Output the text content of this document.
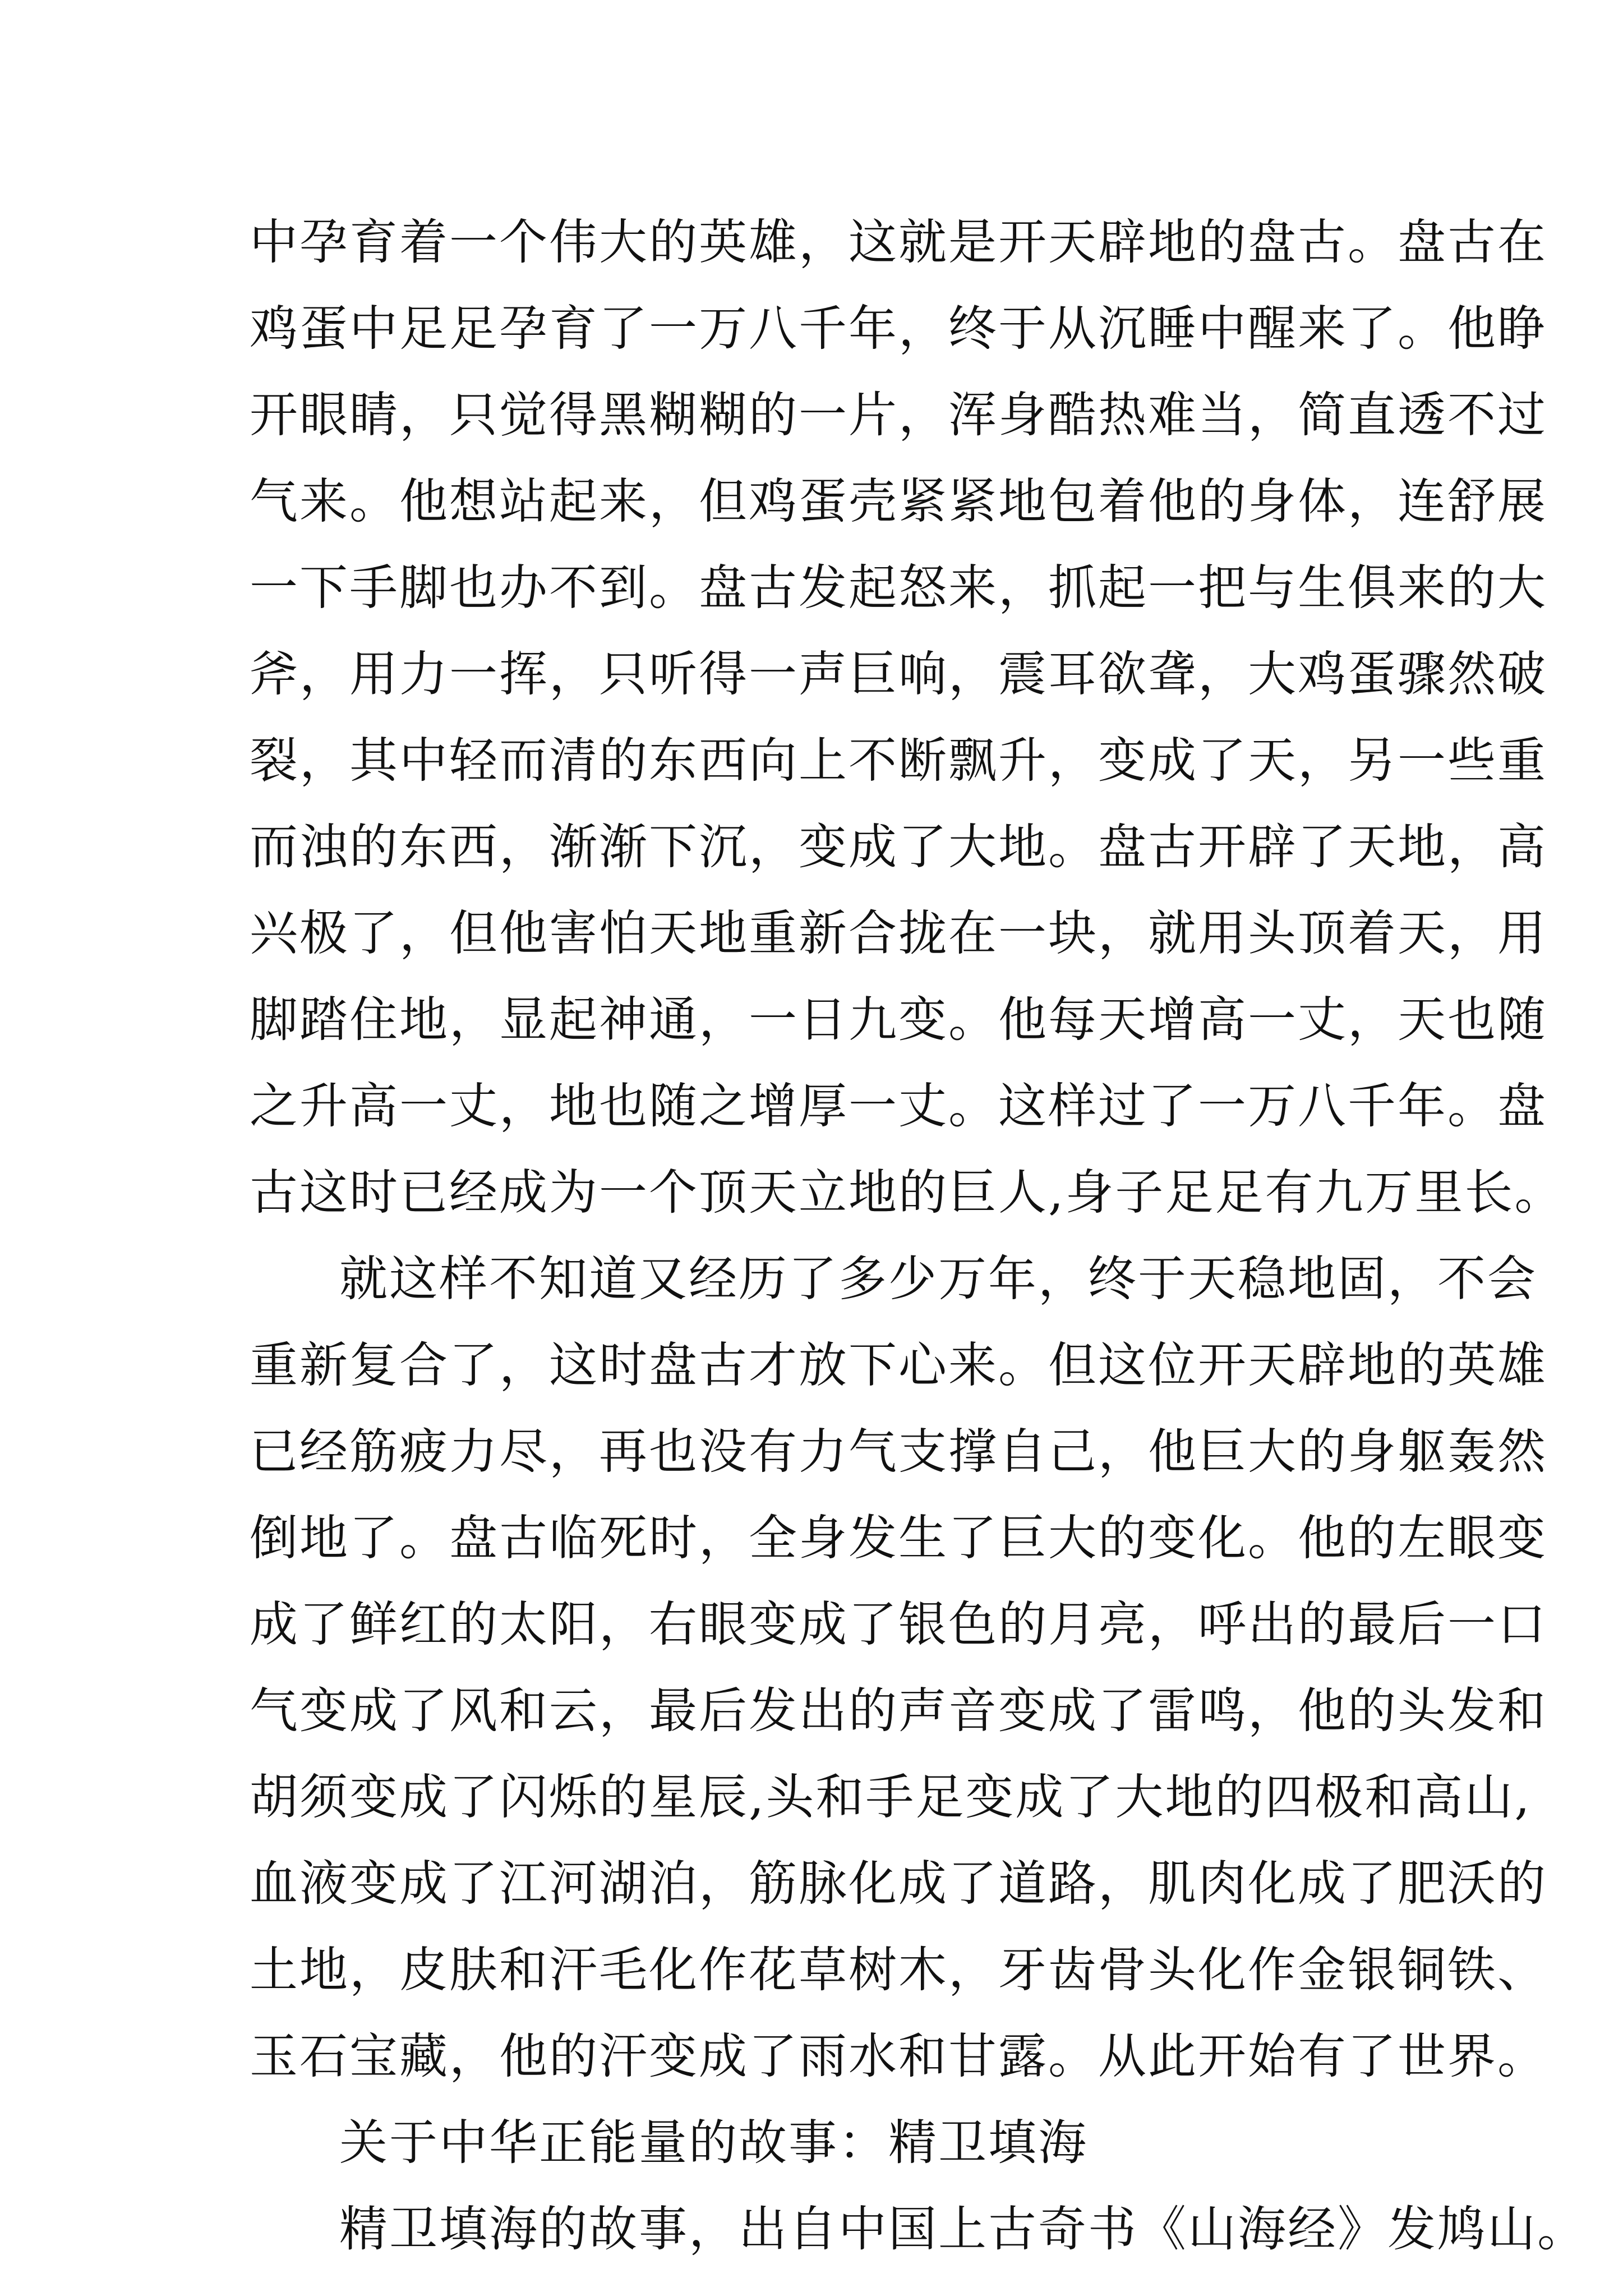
中孕育着一个伟大的英雄，这就是开天辟地的盘古。盘古在
鸡蛋中足足孕育了一万八千年，终于从沉睡中醒来了。他睁
开眼睛，只觉得黑糊糊的一片，浑身酷热难当，简直透不过
气来。他想站起来，但鸡蛋壳紧紧地包着他的身体，连舒展
一下手脚也办不到。盘古发起怒来，抓起一把与生俱来的大
斧，用力一挥，只听得一声巨响，震耳欲聋，大鸡蛋骤然破
裂，其中轻而清的东西向上不断飘升，变成了天，另一些重
而浊的东西，渐渐下沉，变成了大地。盘古开辟了天地，高
兴极了，但他害怕天地重新合拢在一块，就用头顶着天，用
脚踏住地，显起神通，一日九变。他每天增高一丈，天也随
之升高一丈，地也随之增厚一丈。这样过了一万八千年。盘
古这时已经成为一个顶天立地的巨人,身子足足有九万里长。
就这样不知道又经历了多少万年，终于天稳地固，不会
重新复合了，这时盘古才放下心来。但这位开天辟地的英雄
已经筋疲力尽，再也没有力气支撑自己，他巨大的身躯轰然
倒地了。盘古临死时，全身发生了巨大的变化。他的左眼变
成了鲜红的太阳，右眼变成了银色的月亮，呼出的最后一口
气变成了风和云，最后发出的声音变成了雷鸣，他的头发和
胡须变成了闪烁的星辰,头和手足变成了大地的四极和高山,
血液变成了江河湖泊，筋脉化成了道路，肌肉化成了肥沃的
土地，皮肤和汗毛化作花草树木，牙齿骨头化作金银铜铁、
玉石宝藏，他的汗变成了雨水和甘露。从此开始有了世界。
关于中华正能量的故事：精卫填海
精卫填海的故事，出自中国上古奇书《山海经》发鸠山。
